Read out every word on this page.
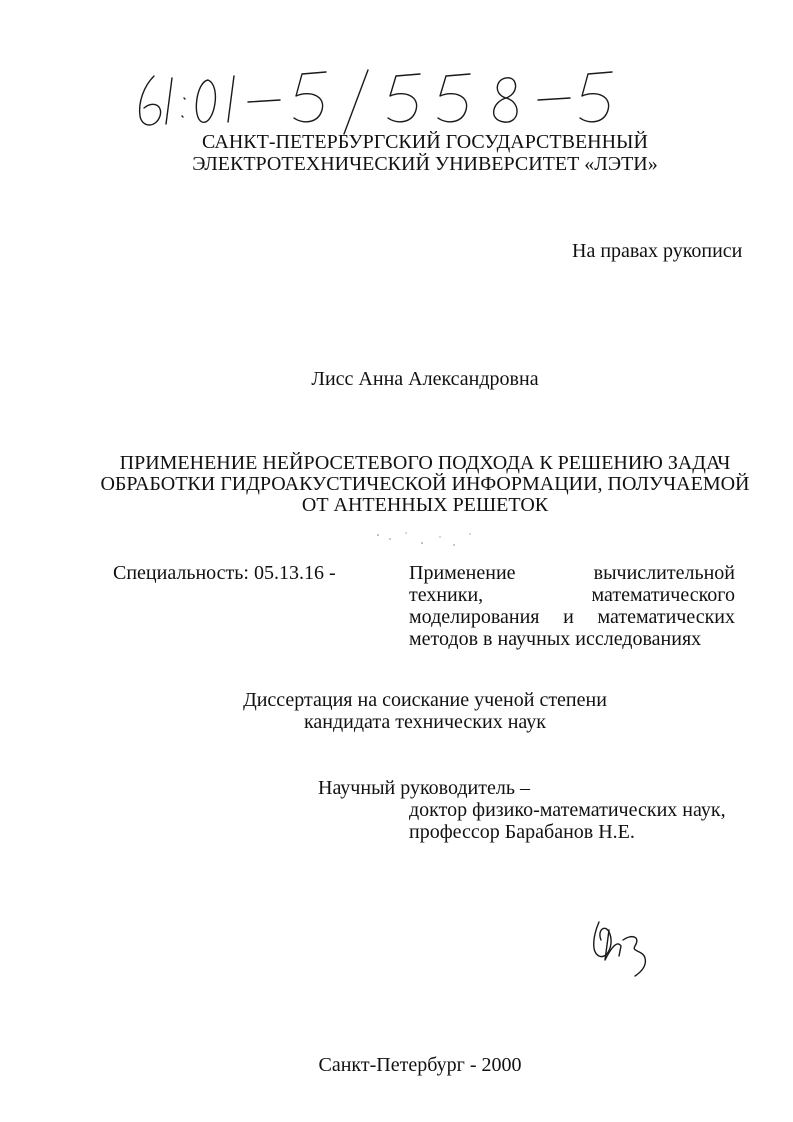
САНКТ-ПЕТЕРБУРГСКИЙ ГОСУДАРСТВЕННЫЙ
ЭЛЕКТРОТЕХНИЧЕСКИЙ УНИВЕРСИТЕТ «ЛЭТИ»
На правах рукописи
Лисс Анна Александровна
ПРИМЕНЕНИЕ НЕЙРОСЕТЕВОГО ПОДХОДА К РЕШЕНИЮ ЗАДАЧ
ОБРАБОТКИ ГИДРОАКУСТИЧЕСКОЙ ИНФОРМАЦИИ, ПОЛУЧАЕМОЙ
ОТ АНТЕННЫХ РЕШЕТОК
Специальность: 05.13.16 -	Применение вычислительной техники, математического моделирования и математических методов в научных исследованиях
Диссертация на соискание ученой степени
кандидата технических наук
Научный руководитель –
доктор физико-математических наук,
профессор Барабанов Н.Е.
Санкт-Петербург - 2000
